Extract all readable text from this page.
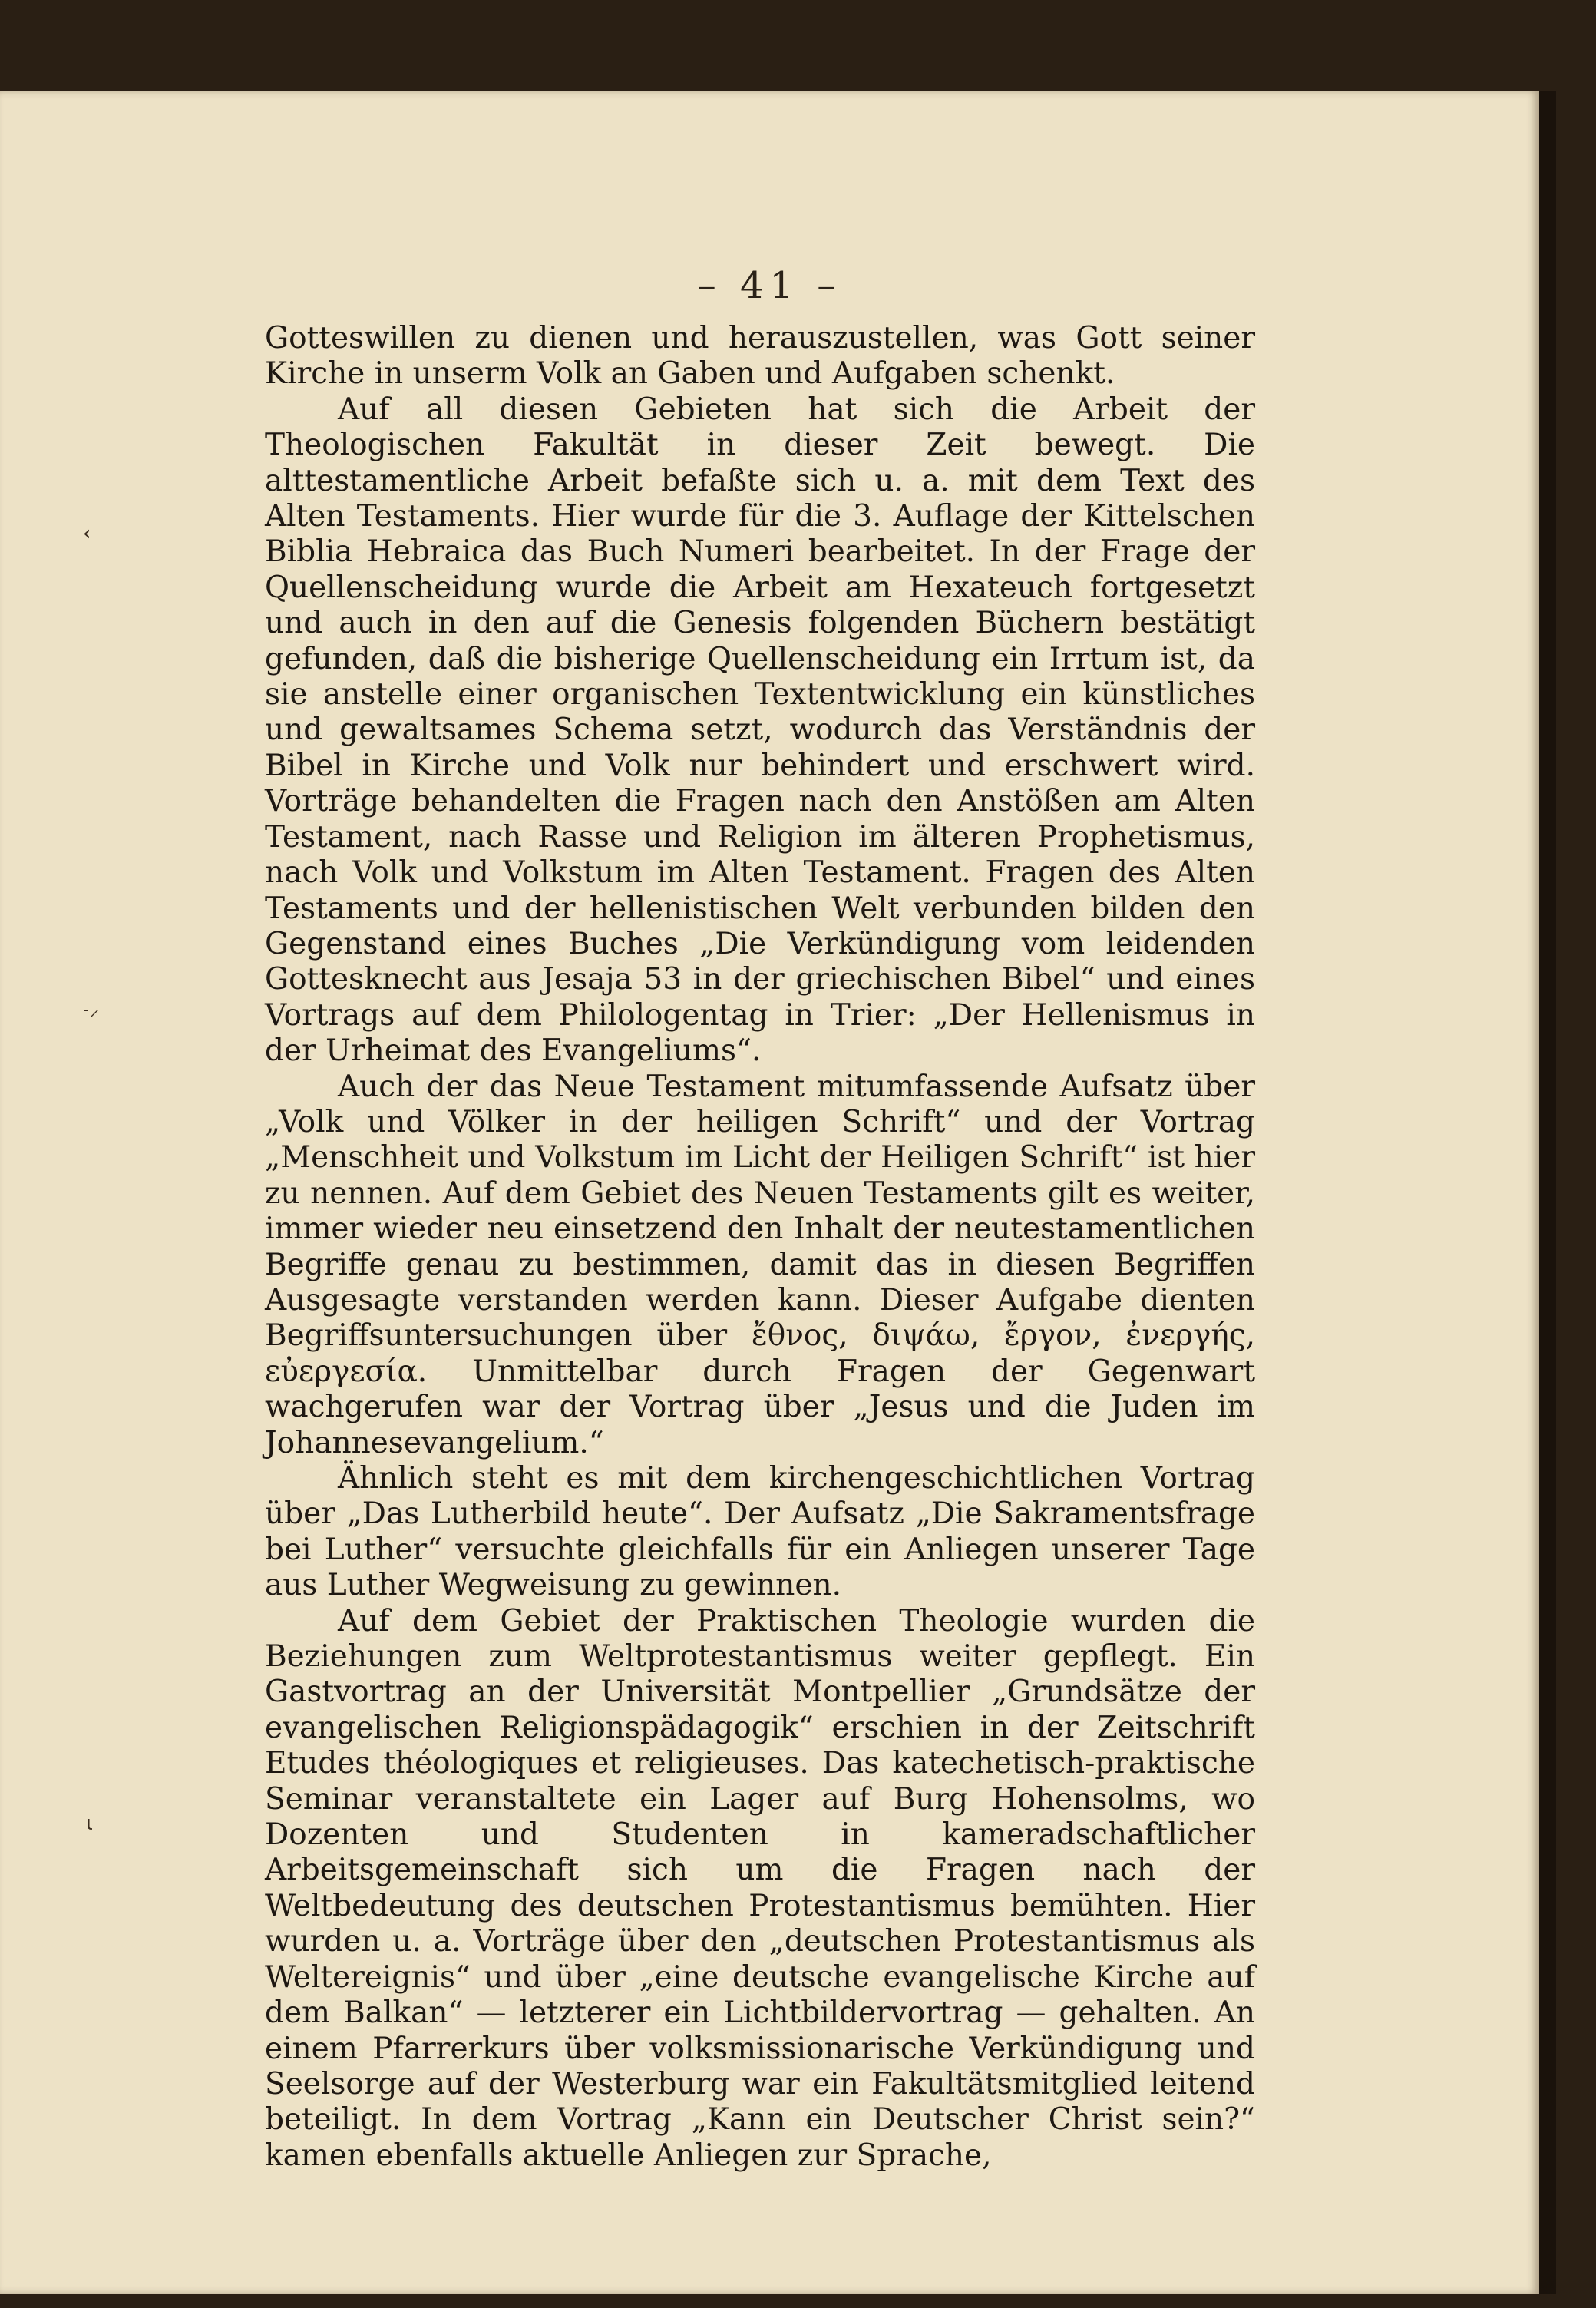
– 41 –
‹
˗⸝
ι

Gotteswillen zu dienen und herauszustellen, was Gott seiner Kirche in unserm Volk an Gaben und Aufgaben schenkt.

Auf all diesen Gebieten hat sich die Arbeit der Theologischen Fakultät in dieser Zeit bewegt. Die alttestamentliche Arbeit befaßte sich u. a. mit dem Text des Alten Testaments. Hier wurde für die 3. Auflage der Kittelschen Biblia Hebraica das Buch Numeri bearbeitet. In der Frage der Quellenscheidung wurde die Arbeit am Hexateuch fortgesetzt und auch in den auf die Genesis folgenden Büchern bestätigt gefunden, daß die bisherige Quellenscheidung ein Irrtum ist, da sie anstelle einer organischen Textentwicklung ein künstliches und gewaltsames Schema setzt, wodurch das Verständnis der Bibel in Kirche und Volk nur behindert und erschwert wird. Vorträge behandelten die Fragen nach den Anstößen am Alten Testament, nach Rasse und Religion im älteren Prophetismus, nach Volk und Volkstum im Alten Testament. Fragen des Alten Testaments und der hellenistischen Welt verbunden bilden den Gegenstand eines Buches „Die Verkündigung vom leidenden Gottesknecht aus Jesaja 53 in der griechischen Bibel“ und eines Vortrags auf dem Philologentag in Trier: „Der Hellenismus in der Urheimat des Evangeliums“.

Auch der das Neue Testament mitumfassende Aufsatz über „Volk und Völker in der heiligen Schrift“ und der Vortrag „Menschheit und Volkstum im Licht der Heiligen Schrift“ ist hier zu nennen. Auf dem Gebiet des Neuen Testaments gilt es weiter, immer wieder neu einsetzend den Inhalt der neutestamentlichen Begriffe genau zu bestimmen, damit das in diesen Begriffen Ausgesagte verstanden werden kann. Dieser Aufgabe dienten Begriffsuntersuchungen über ἔθνος, διψάω, ἔργον, ἐνεργής, εὐεργεσία. Unmittelbar durch Fragen der Gegenwart wachgerufen war der Vortrag über „Jesus und die Juden im Johannesevangelium.“

Ähnlich steht es mit dem kirchengeschichtlichen Vortrag über „Das Lutherbild heute“. Der Aufsatz „Die Sakramentsfrage bei Luther“ versuchte gleichfalls für ein Anliegen unserer Tage aus Luther Wegweisung zu gewinnen.

Auf dem Gebiet der Praktischen Theologie wurden die Beziehungen zum Weltprotestantismus weiter gepflegt. Ein Gastvortrag an der Universität Montpellier „Grundsätze der evangelischen Religionspädagogik“ erschien in der Zeitschrift Etudes théologiques et religieuses. Das katechetisch-praktische Seminar veranstaltete ein Lager auf Burg Hohensolms, wo Dozenten und Studenten in kameradschaftlicher Arbeitsgemeinschaft sich um die Fragen nach der Weltbedeutung des deutschen Protestantismus bemühten. Hier wurden u. a. Vorträge über den „deutschen Protestantismus als Weltereignis“ und über „eine deutsche evangelische Kirche auf dem Balkan“ — letzterer ein Lichtbildervortrag — gehalten. An einem Pfarrerkurs über volksmissionarische Verkündigung und Seelsorge auf der Westerburg war ein Fakultätsmitglied leitend beteiligt. In dem Vortrag „Kann ein Deutscher Christ sein?“ kamen ebenfalls aktuelle Anliegen zur Sprache,
